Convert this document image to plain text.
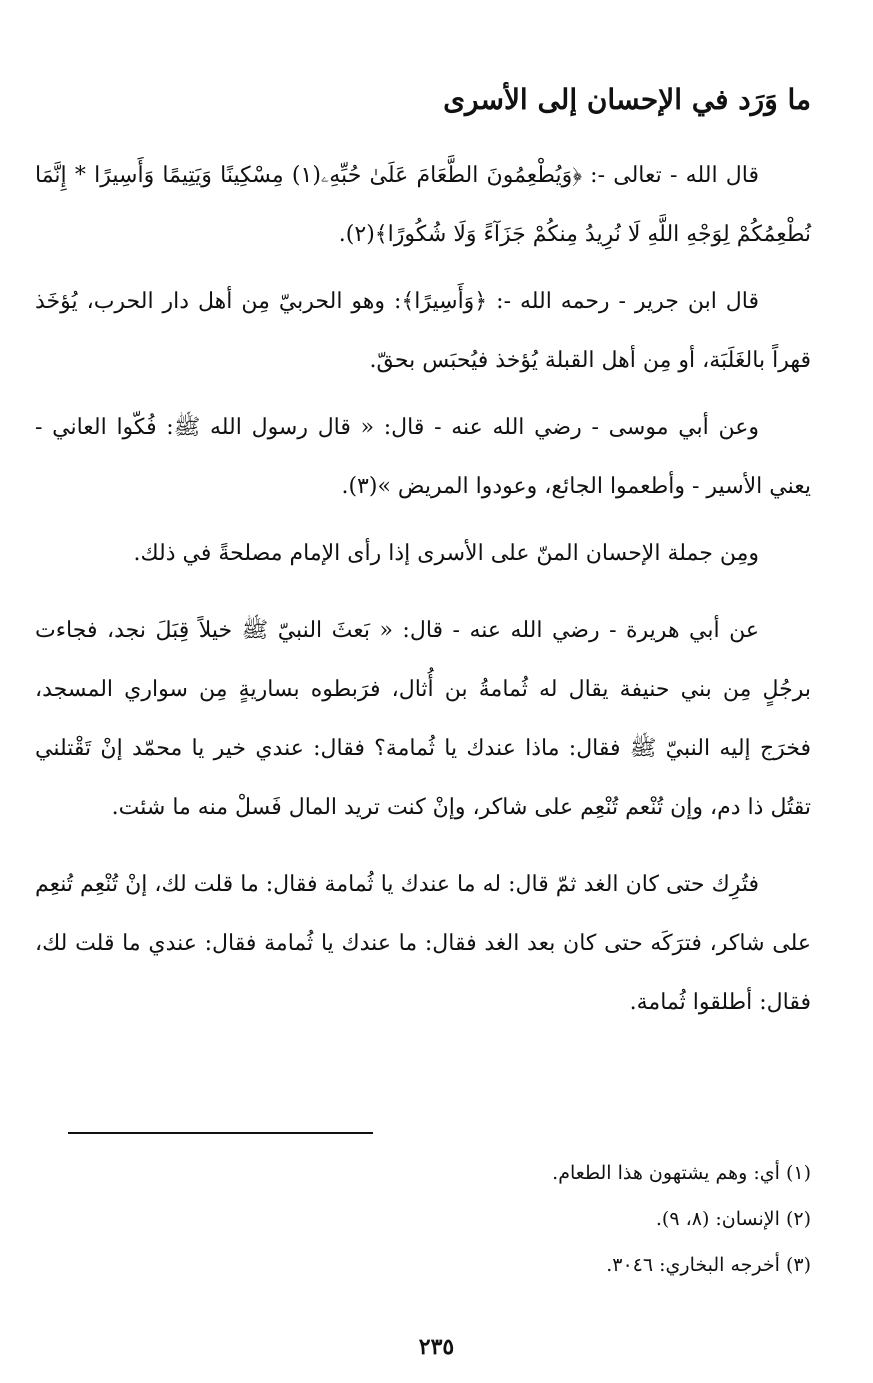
ما وَرَد في الإحسان إلى الأسرى

قال الله - تعالى -: ﴿وَيُطْعِمُونَ الطَّعَامَ عَلَىٰ حُبِّهِۦ(١) مِسْكِينًا وَيَتِيمًا وَأَسِيرًا * إِنَّمَا نُطْعِمُكُمْ لِوَجْهِ اللَّهِ لَا نُرِيدُ مِنكُمْ جَزَآءً وَلَا شُكُورًا﴾(٢).

قال ابن جرير - رحمه الله -: ﴿وَأَسِيرًا﴾: وهو الحربيّ مِن أهل دار الحرب، يُؤخَذ قهراً بالغَلَبَة، أو مِن أهل القبلة يُؤخذ فيُحبَس بحقّ.

وعن أبي موسى - رضي الله عنه - قال: « قال رسول الله ﷺ: فُكّوا العاني - يعني الأسير - وأطعموا الجائع، وعودوا المريض »(٣).

ومِن جملة الإحسان المنّ على الأسرى إذا رأى الإمام مصلحةً في ذلك.

عن أبي هريرة - رضي الله عنه - قال: « بَعثَ النبيّ ﷺ خيلاً قِبَلَ نجد، فجاءت برجُلٍ مِن بني حنيفة يقال له ثُمامةُ بن أُثال، فرَبطوه بساريةٍ مِن سواري المسجد، فخرَج إليه النبيّ ﷺ فقال: ماذا عندك يا ثُمامة؟ فقال: عندي خير يا محمّد إنْ تَقْتلني تقتُل ذا دم، وإن تُنْعم تُنْعِم على شاكر، وإنْ كنت تريد المال فَسلْ منه ما شئت.

فتُرِك حتى كان الغد ثمّ قال: له ما عندك يا ثُمامة فقال: ما قلت لك، إنْ تُنْعِم تُنعِم على شاكر، فترَكَه حتى كان بعد الغد فقال: ما عندك يا ثُمامة فقال: عندي ما قلت لك، فقال: أطلقوا ثُمامة.

(١) أي: وهم يشتهون هذا الطعام.

(٢) الإنسان: (٨، ٩).

(٣) أخرجه البخاري: ٣٠٤٦.

٢٣٥
